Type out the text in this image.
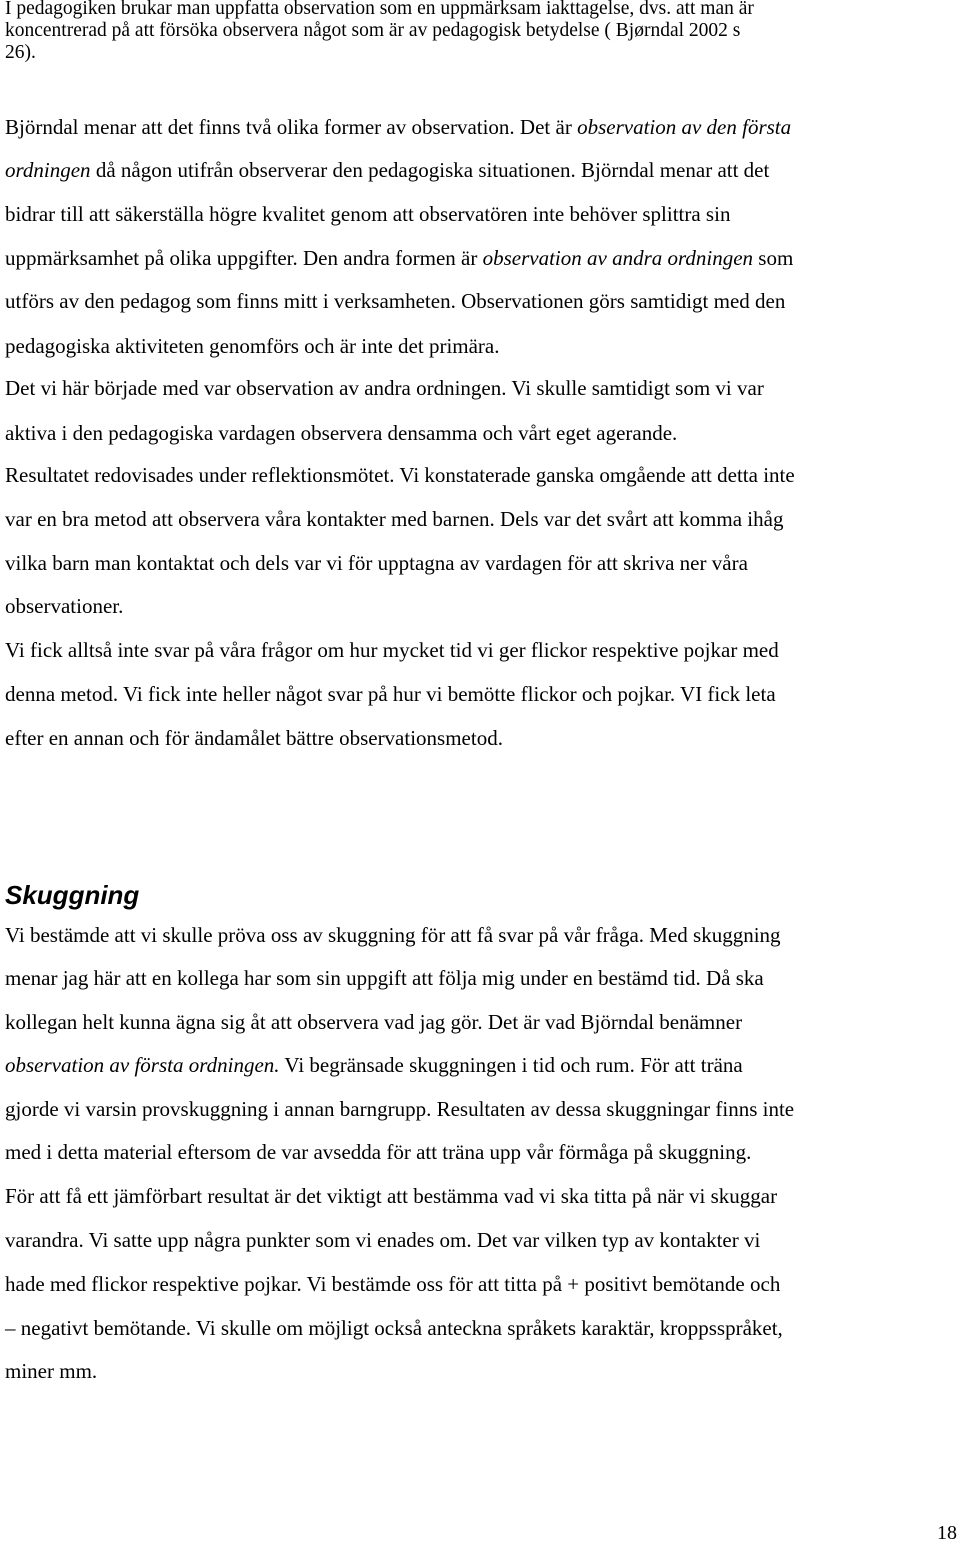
I pedagogiken brukar man uppfatta observation som en uppmärksam iakttagelse, dvs. att man är
koncentrerad på att försöka observera något som är av pedagogisk betydelse ( Bjørndal 2002 s
26).
Björndal menar att det finns två olika former av observation. Det är observation av den första
ordningen då någon utifrån observerar den pedagogiska situationen. Björndal menar att det
bidrar till att säkerställa högre kvalitet genom att observatören inte behöver splittra sin
uppmärksamhet på olika uppgifter. Den andra formen är observation av andra ordningen som
utförs av den pedagog som finns mitt i verksamheten. Observationen görs samtidigt med den
pedagogiska aktiviteten genomförs och är inte det primära.
Det vi här började med var observation av andra ordningen. Vi skulle samtidigt som vi var
aktiva i den pedagogiska vardagen observera densamma och vårt eget agerande.
Resultatet redovisades under reflektionsmötet. Vi konstaterade ganska omgående att detta inte
var en bra metod att observera våra kontakter med barnen. Dels var det svårt att komma ihåg
vilka barn man kontaktat och dels var vi för upptagna av vardagen för att skriva ner våra
observationer.
Vi fick alltså inte svar på våra frågor om hur mycket tid vi ger flickor respektive pojkar med
denna metod. Vi fick inte heller något svar på hur vi bemötte flickor och pojkar. VI fick leta
efter en annan och för ändamålet bättre observationsmetod.
Skuggning
Vi bestämde att vi skulle pröva oss av skuggning för att få svar på vår fråga. Med skuggning
menar jag här att en kollega har som sin uppgift att följa mig under en bestämd tid. Då ska
kollegan helt kunna ägna sig åt att observera vad jag gör. Det är vad Björndal benämner
observation av första ordningen. Vi begränsade skuggningen i tid och rum. För att träna
gjorde vi varsin provskuggning i annan barngrupp. Resultaten av dessa skuggningar finns inte
med i detta material eftersom de var avsedda för att träna upp vår förmåga på skuggning.
För att få ett jämförbart resultat är det viktigt att bestämma vad vi ska titta på när vi skuggar
varandra. Vi satte upp några punkter som vi enades om. Det var vilken typ av kontakter vi
hade med flickor respektive pojkar. Vi bestämde oss för att titta på + positivt bemötande och
– negativt bemötande. Vi skulle om möjligt också anteckna språkets karaktär, kroppsspråket,
miner mm.
18
